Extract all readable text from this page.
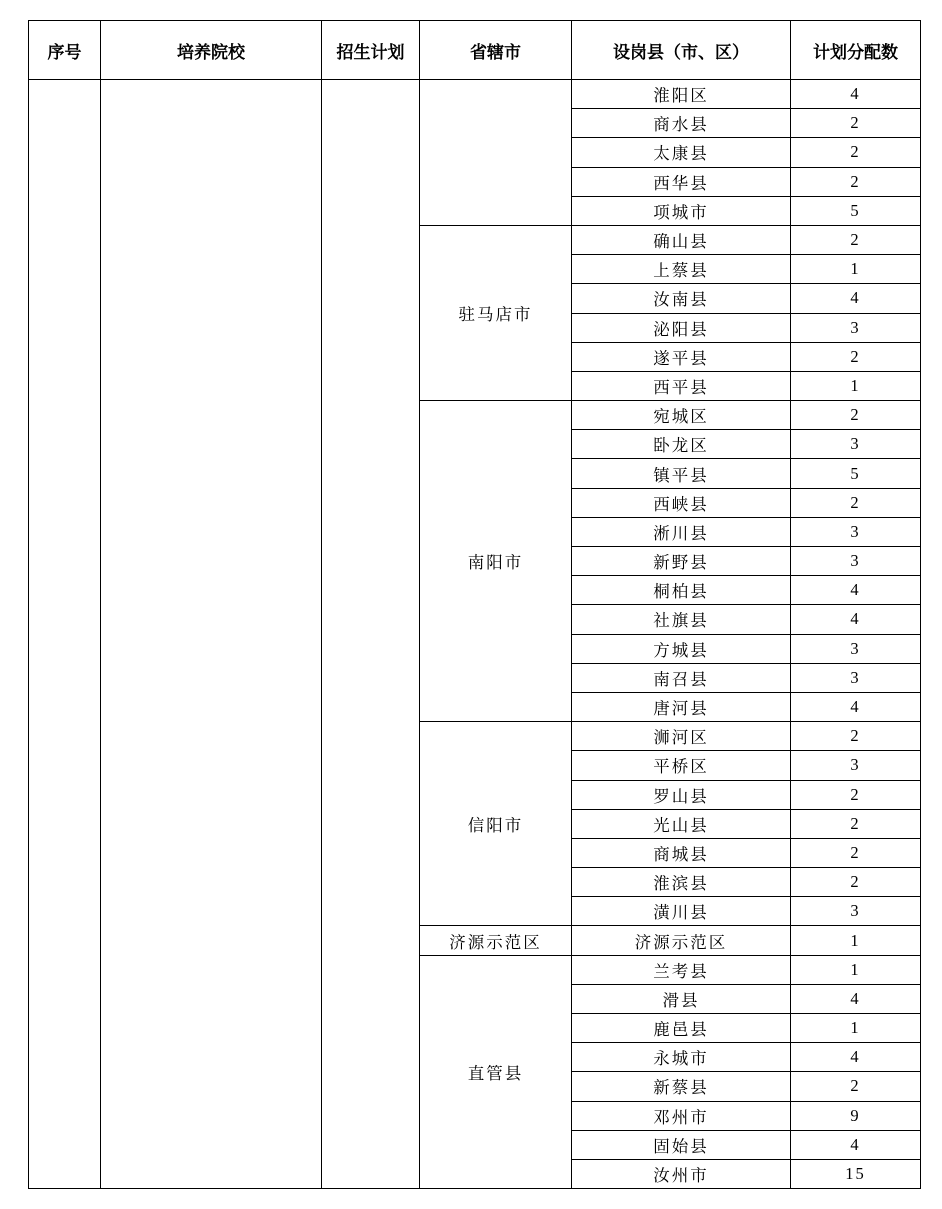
序号	培养院校	招生计划	省辖市	设岗县（市、区）	计划分配数
				淮阳区	4
				商水县	2
				太康县	2
				西华县	2
				项城市	5
			驻马店市	确山县	2
				上蔡县	1
				汝南县	4
				泌阳县	3
				遂平县	2
				西平县	1
			南阳市	宛城区	2
				卧龙区	3
				镇平县	5
				西峡县	2
				淅川县	3
				新野县	3
				桐柏县	4
				社旗县	4
				方城县	3
				南召县	3
				唐河县	4
			信阳市	浉河区	2
				平桥区	3
				罗山县	2
				光山县	2
				商城县	2
				淮滨县	2
				潢川县	3
			济源示范区	济源示范区	1
			直管县	兰考县	1
				滑县	4
				鹿邑县	1
				永城市	4
				新蔡县	2
				邓州市	9
				固始县	4
				汝州市	15
